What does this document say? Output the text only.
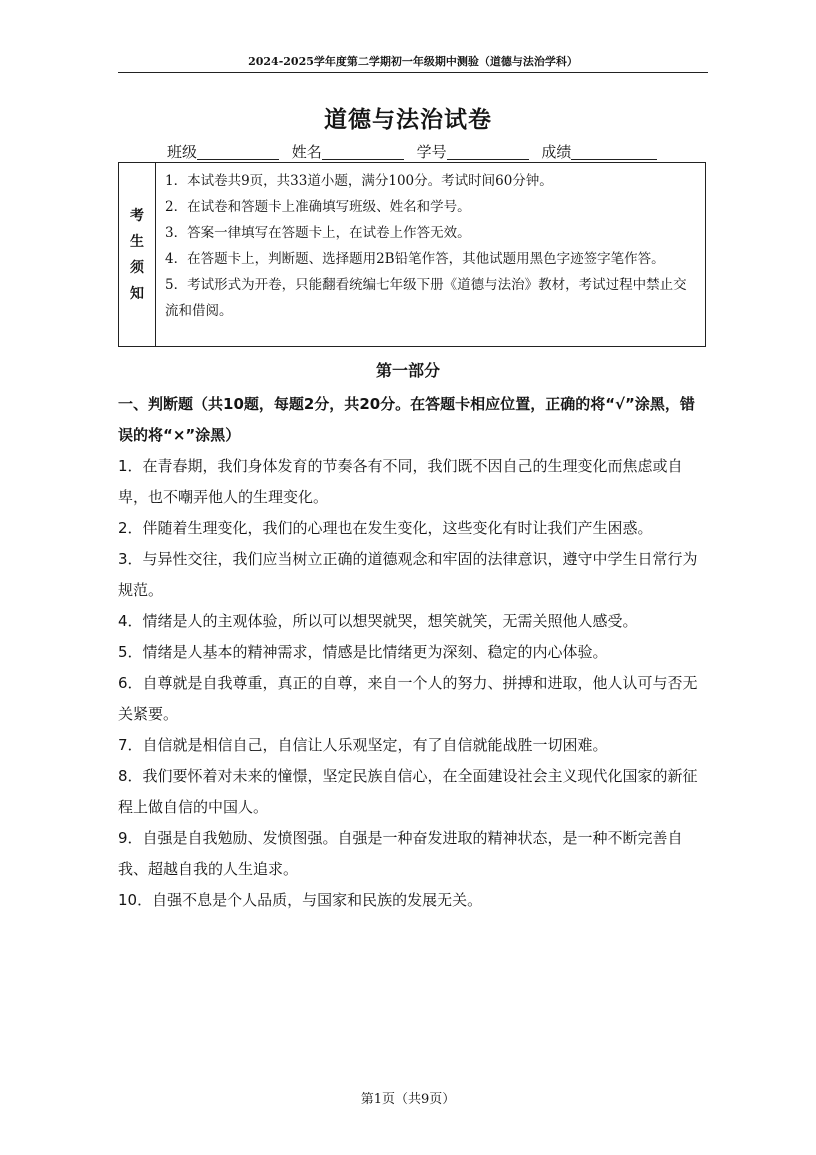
2024-2025学年度第二学期初一年级期中测验（道德与法治学科）
道德与法治试卷
班级	姓名	学号	成绩
考
生
须
知

1．本试卷共9页，共33道小题，满分100分。考试时间60分钟。

2．在试卷和答题卡上准确填写班级、姓名和学号。

3．答案一律填写在答题卡上，在试卷上作答无效。

4．在答题卡上，判断题、选择题用2B铅笔作答，其他试题用黑色字迹签字笔作答。

5．考试形式为开卷，只能翻看统编七年级下册《道德与法治》教材，考试过程中禁止交流和借阅。

第一部分
一、判断题（共10题，每题2分，共20分。在答题卡相应位置，正确的将“√”涂黑，错误的将“×”涂黑）

1．在青春期，我们身体发育的节奏各有不同，我们既不因自己的生理变化而焦虑或自卑，也不嘲弄他人的生理变化。

2．伴随着生理变化，我们的心理也在发生变化，这些变化有时让我们产生困惑。

3．与异性交往，我们应当树立正确的道德观念和牢固的法律意识，遵守中学生日常行为规范。

4．情绪是人的主观体验，所以可以想哭就哭，想笑就笑，无需关照他人感受。

5．情绪是人基本的精神需求，情感是比情绪更为深刻、稳定的内心体验。

6．自尊就是自我尊重，真正的自尊，来自一个人的努力、拼搏和进取，他人认可与否无关紧要。

7．自信就是相信自己，自信让人乐观坚定，有了自信就能战胜一切困难。

8．我们要怀着对未来的憧憬，坚定民族自信心，在全面建设社会主义现代化国家的新征程上做自信的中国人。

9．自强是自我勉励、发愤图强。自强是一种奋发进取的精神状态，是一种不断完善自我、超越自我的人生追求。

10．自强不息是个人品质，与国家和民族的发展无关。

第1页（共9页）
